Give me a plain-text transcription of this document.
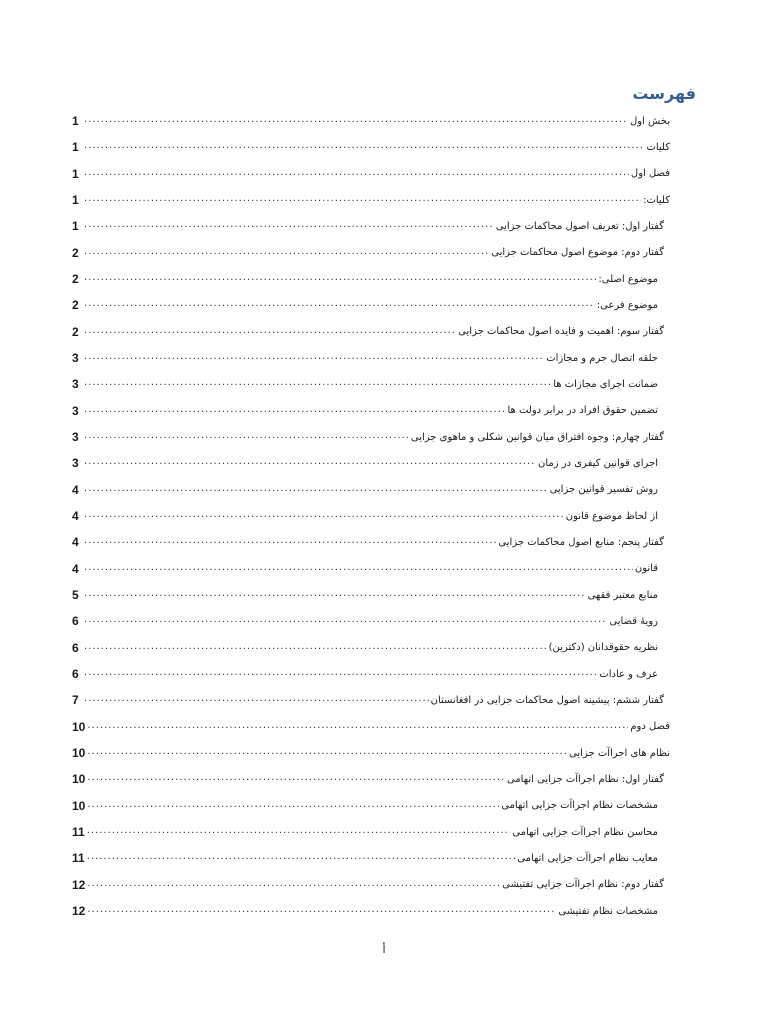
فهرست
بخش اول
.....
1
کلیات
.....
1
فصل اول
.....
1
کلیات:
.....
1
گفتار اول: تعریف اصول محاکمات جزایی
.....
1
گفتار دوم: موضوع اصول محاکمات جزایی
.....
2
موضوع اصلی:
.....
2
موضوع فرعی:
.....
2
گفتار سوم: اهمیت و فایده اصول محاکمات جزایی
.....
2
حلقه اتصال جرم و مجازات
.....
3
ضمانت اجرای مجازات ها
.....
3
تضمین حقوق افراد در برابر دولت ها
.....
3
گفتار چهارم: وجوه افتراق میان قوانین شکلی و ماهوی جزایی
.....
3
اجرای قوانین کیفری در زمان
.....
3
روش تفسیر قوانین جزایی
.....
4
از لحاظ موضوع قانون
.....
4
گفتار پنجم: منابع اصول محاکمات جزایی
.....
4
قانون
.....
4
منابع معتبر فقهی
.....
5
رویهٔ قضایی
.....
6
نظریه حقوقدانان (دکترین)
.....
6
عرف و عادات
.....
6
گفتار ششم: پیشینه اصول محاکمات جزایی در افغانستان
.....
7
فصل دوم
.....
10
نظام های اجراآت جزایی
.....
10
گفتار اول: نظام اجراآت جزایی اتهامی
.....
10
مشخصات نظام اجراآت جزایی اتهامی
.....
10
محاسن نظام اجراآت جزایی اتهامی
.....
11
معایب نظام اجراآت جزایی اتهامی
.....
11
گفتار دوم: نظام اجراآت جزایی تفتیشی
.....
12
مشخصات نظام تفتیشی
.....
12
أ
